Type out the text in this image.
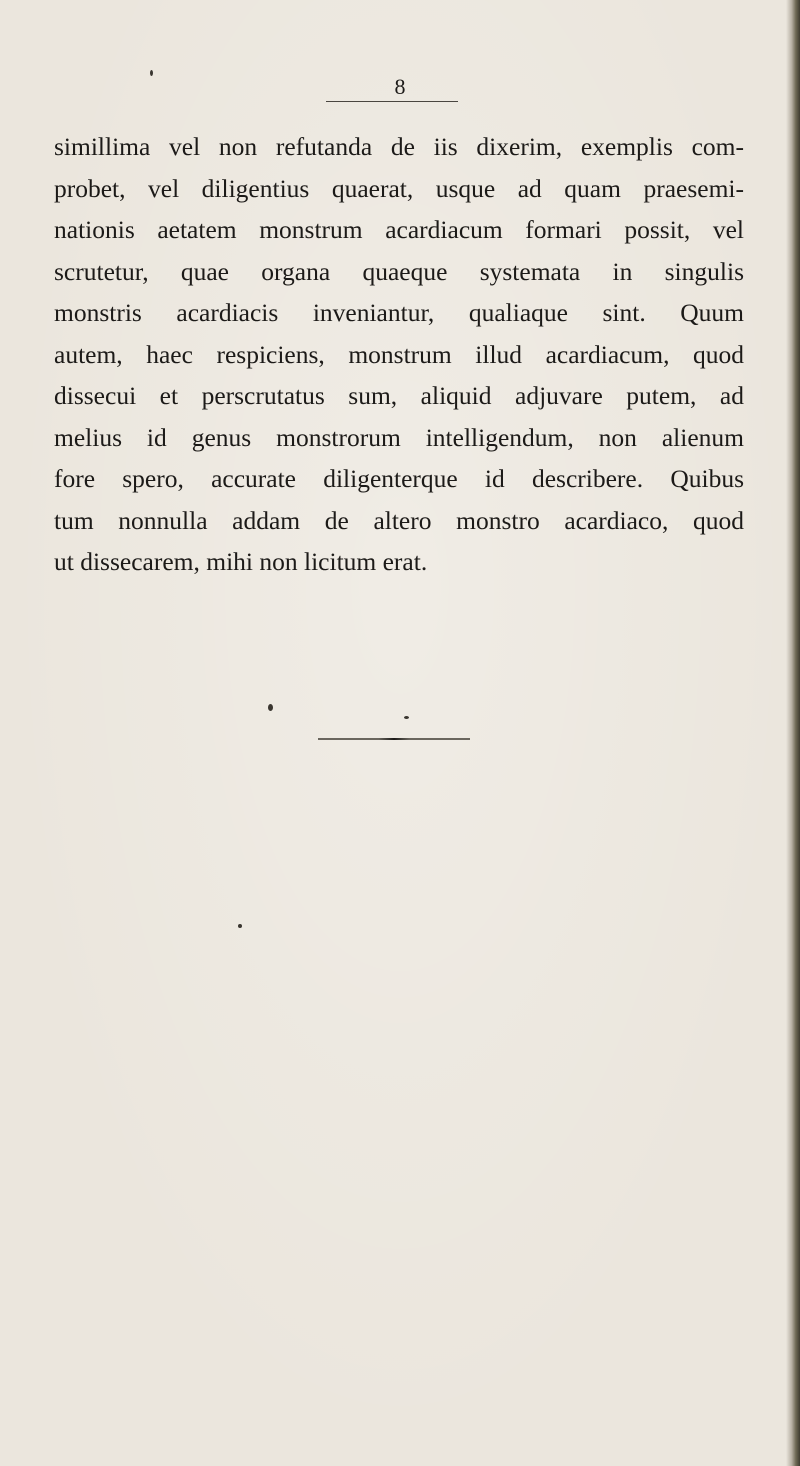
8
simillima vel non refutanda de iis dixerim, exemplis com-
probet, vel diligentius quaerat, usque ad quam praesemi-
nationis aetatem monstrum acardiacum formari possit, vel
scrutetur, quae organa quaeque systemata in singulis
monstris acardiacis inveniantur, qualiaque sint. Quum
autem, haec respiciens, monstrum illud acardiacum, quod
dissecui et perscrutatus sum, aliquid adjuvare putem, ad
melius id genus monstrorum intelligendum, non alienum
fore spero, accurate diligenterque id describere. Quibus
tum nonnulla addam de altero monstro acardiaco, quod
ut dissecarem, mihi non licitum erat.
